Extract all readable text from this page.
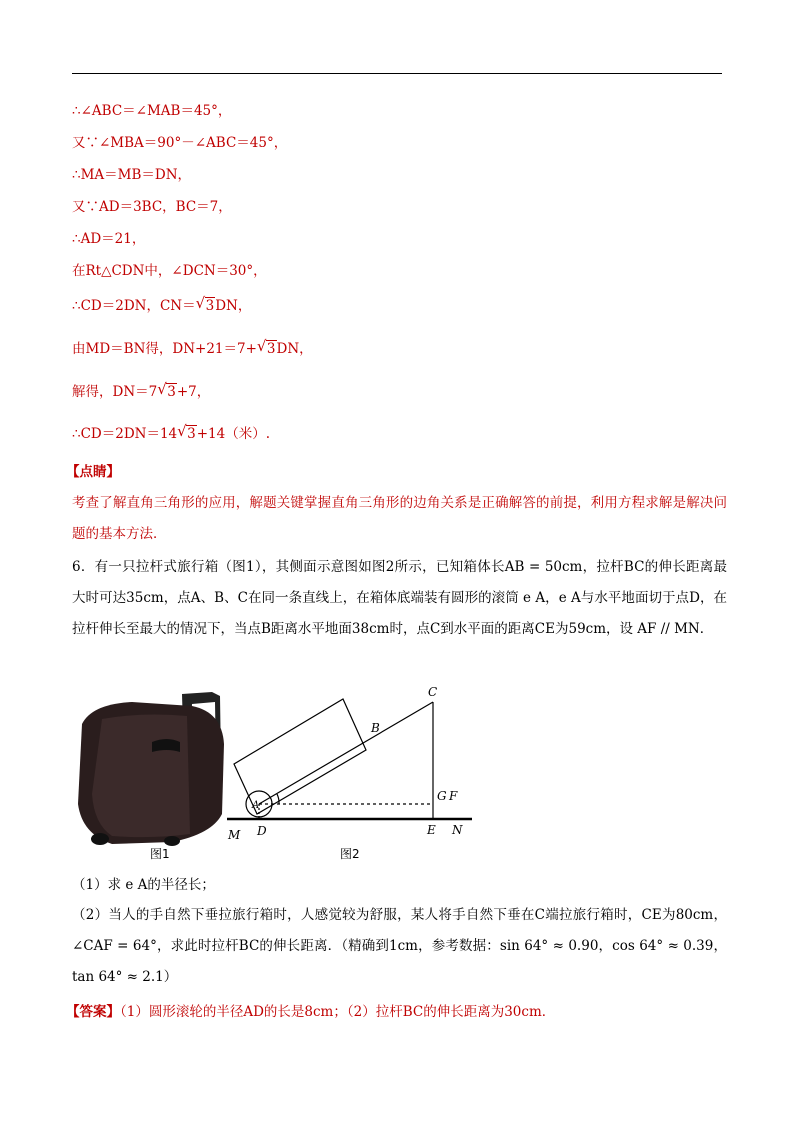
∴∠ABC＝∠MAB＝45°，
又∵∠MBA＝90°－∠ABC＝45°，
∴MA＝MB＝DN，
又∵AD＝3BC，BC＝7，
∴AD＝21，
在Rt△CDN中，∠DCN＝30°，
∴CD＝2DN，CN＝ √ 3DN，
由MD＝BN得，DN+21＝7+ √ 3DN，
解得，DN＝7 √ 3+7，
∴CD＝2DN＝14 √ 3+14（米）.
【点睛】
考查了解直角三角形的应用，解题关键掌握直角三角形的边角关系是正确解答的前提，利用方程求解是解决问题的基本方法．
6．有一只拉杆式旅行箱（图1），其侧面示意图如图2所示，已知箱体长AB = 50cm，拉杆BC的伸长距离最大时可达35cm，点A、B、C在同一条直线上，在箱体底端装有圆形的滚筒 e A，e A与水平地面切于点D，在拉杆伸长至最大的情况下，当点B距离水平地面38cm时，点C到水平面的距离CE为59cm，设 AF // MN．
C
B
A
G F
D
M	E N
图1	图2
（1）求 e A的半径长；
（2）当人的手自然下垂拉旅行箱时，人感觉较为舒服，某人将手自然下垂在C端拉旅行箱时，CE为80cm，∠CAF = 64°，求此时拉杆BC的伸长距离．（精确到1cm，参考数据：sin 64° ≈ 0.90，cos 64° ≈ 0.39，tan 64° ≈ 2.1）
【答案】（1）圆形滚轮的半径AD的长是8cm；（2）拉杆BC的伸长距离为30cm．
